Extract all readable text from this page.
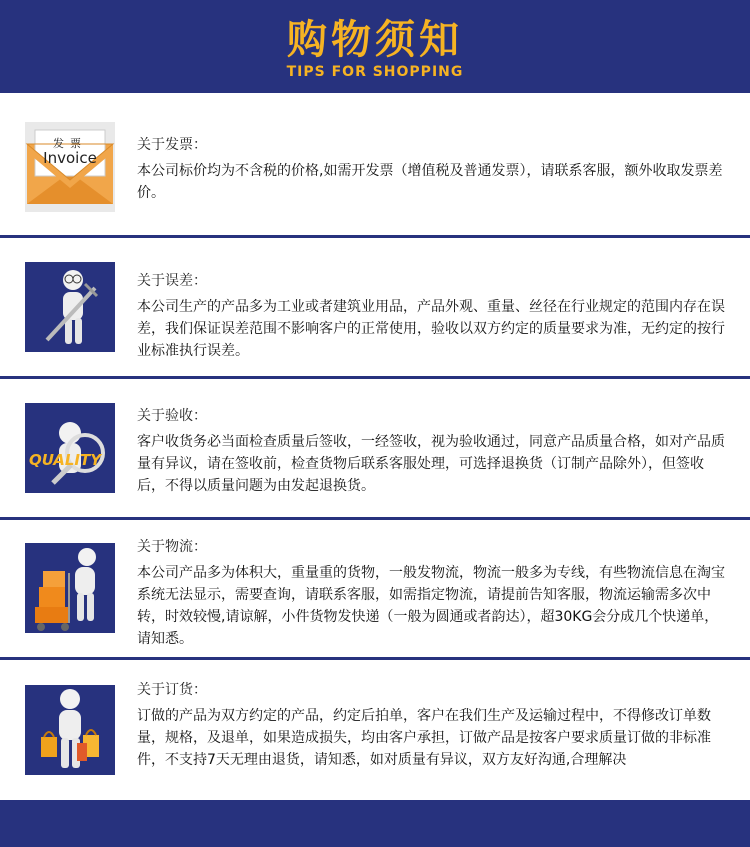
购物须知
TIPS FOR SHOPPING
发票
Invoice
关于发票：
本公司标价均为不含税的价格,如需开发票（增值税及普通发票），请联系客服，额外收取发票差价。
关于误差：
本公司生产的产品多为工业或者建筑业用品，产品外观、重量、丝径在行业规定的范围内存在误差，我们保证误差范围不影响客户的正常使用，验收以双方约定的质量要求为准，无约定的按行业标准执行误差。
QUALITY
关于验收：
客户收货务必当面检查质量后签收，一经签收，视为验收通过，同意产品质量合格，如对产品质量有异议，请在签收前，检查货物后联系客服处理，可选择退换货（订制产品除外），但签收后，不得以质量问题为由发起退换货。
关于物流：
本公司产品多为体积大，重量重的货物，一般发物流，物流一般多为专线，有些物流信息在淘宝系统无法显示，需要查询，请联系客服，如需指定物流，请提前告知客服，物流运输需多次中转，时效较慢,请谅解，小件货物发快递（一般为圆通或者韵达），超30KG会分成几个快递单，请知悉。
关于订货：
订做的产品为双方约定的产品，约定后拍单，客户在我们生产及运输过程中，不得修改订单数量，规格，及退单，如果造成损失，均由客户承担，订做产品是按客户要求质量订做的非标准件，不支持7天无理由退货，请知悉，如对质量有异议，双方友好沟通,合理解决
